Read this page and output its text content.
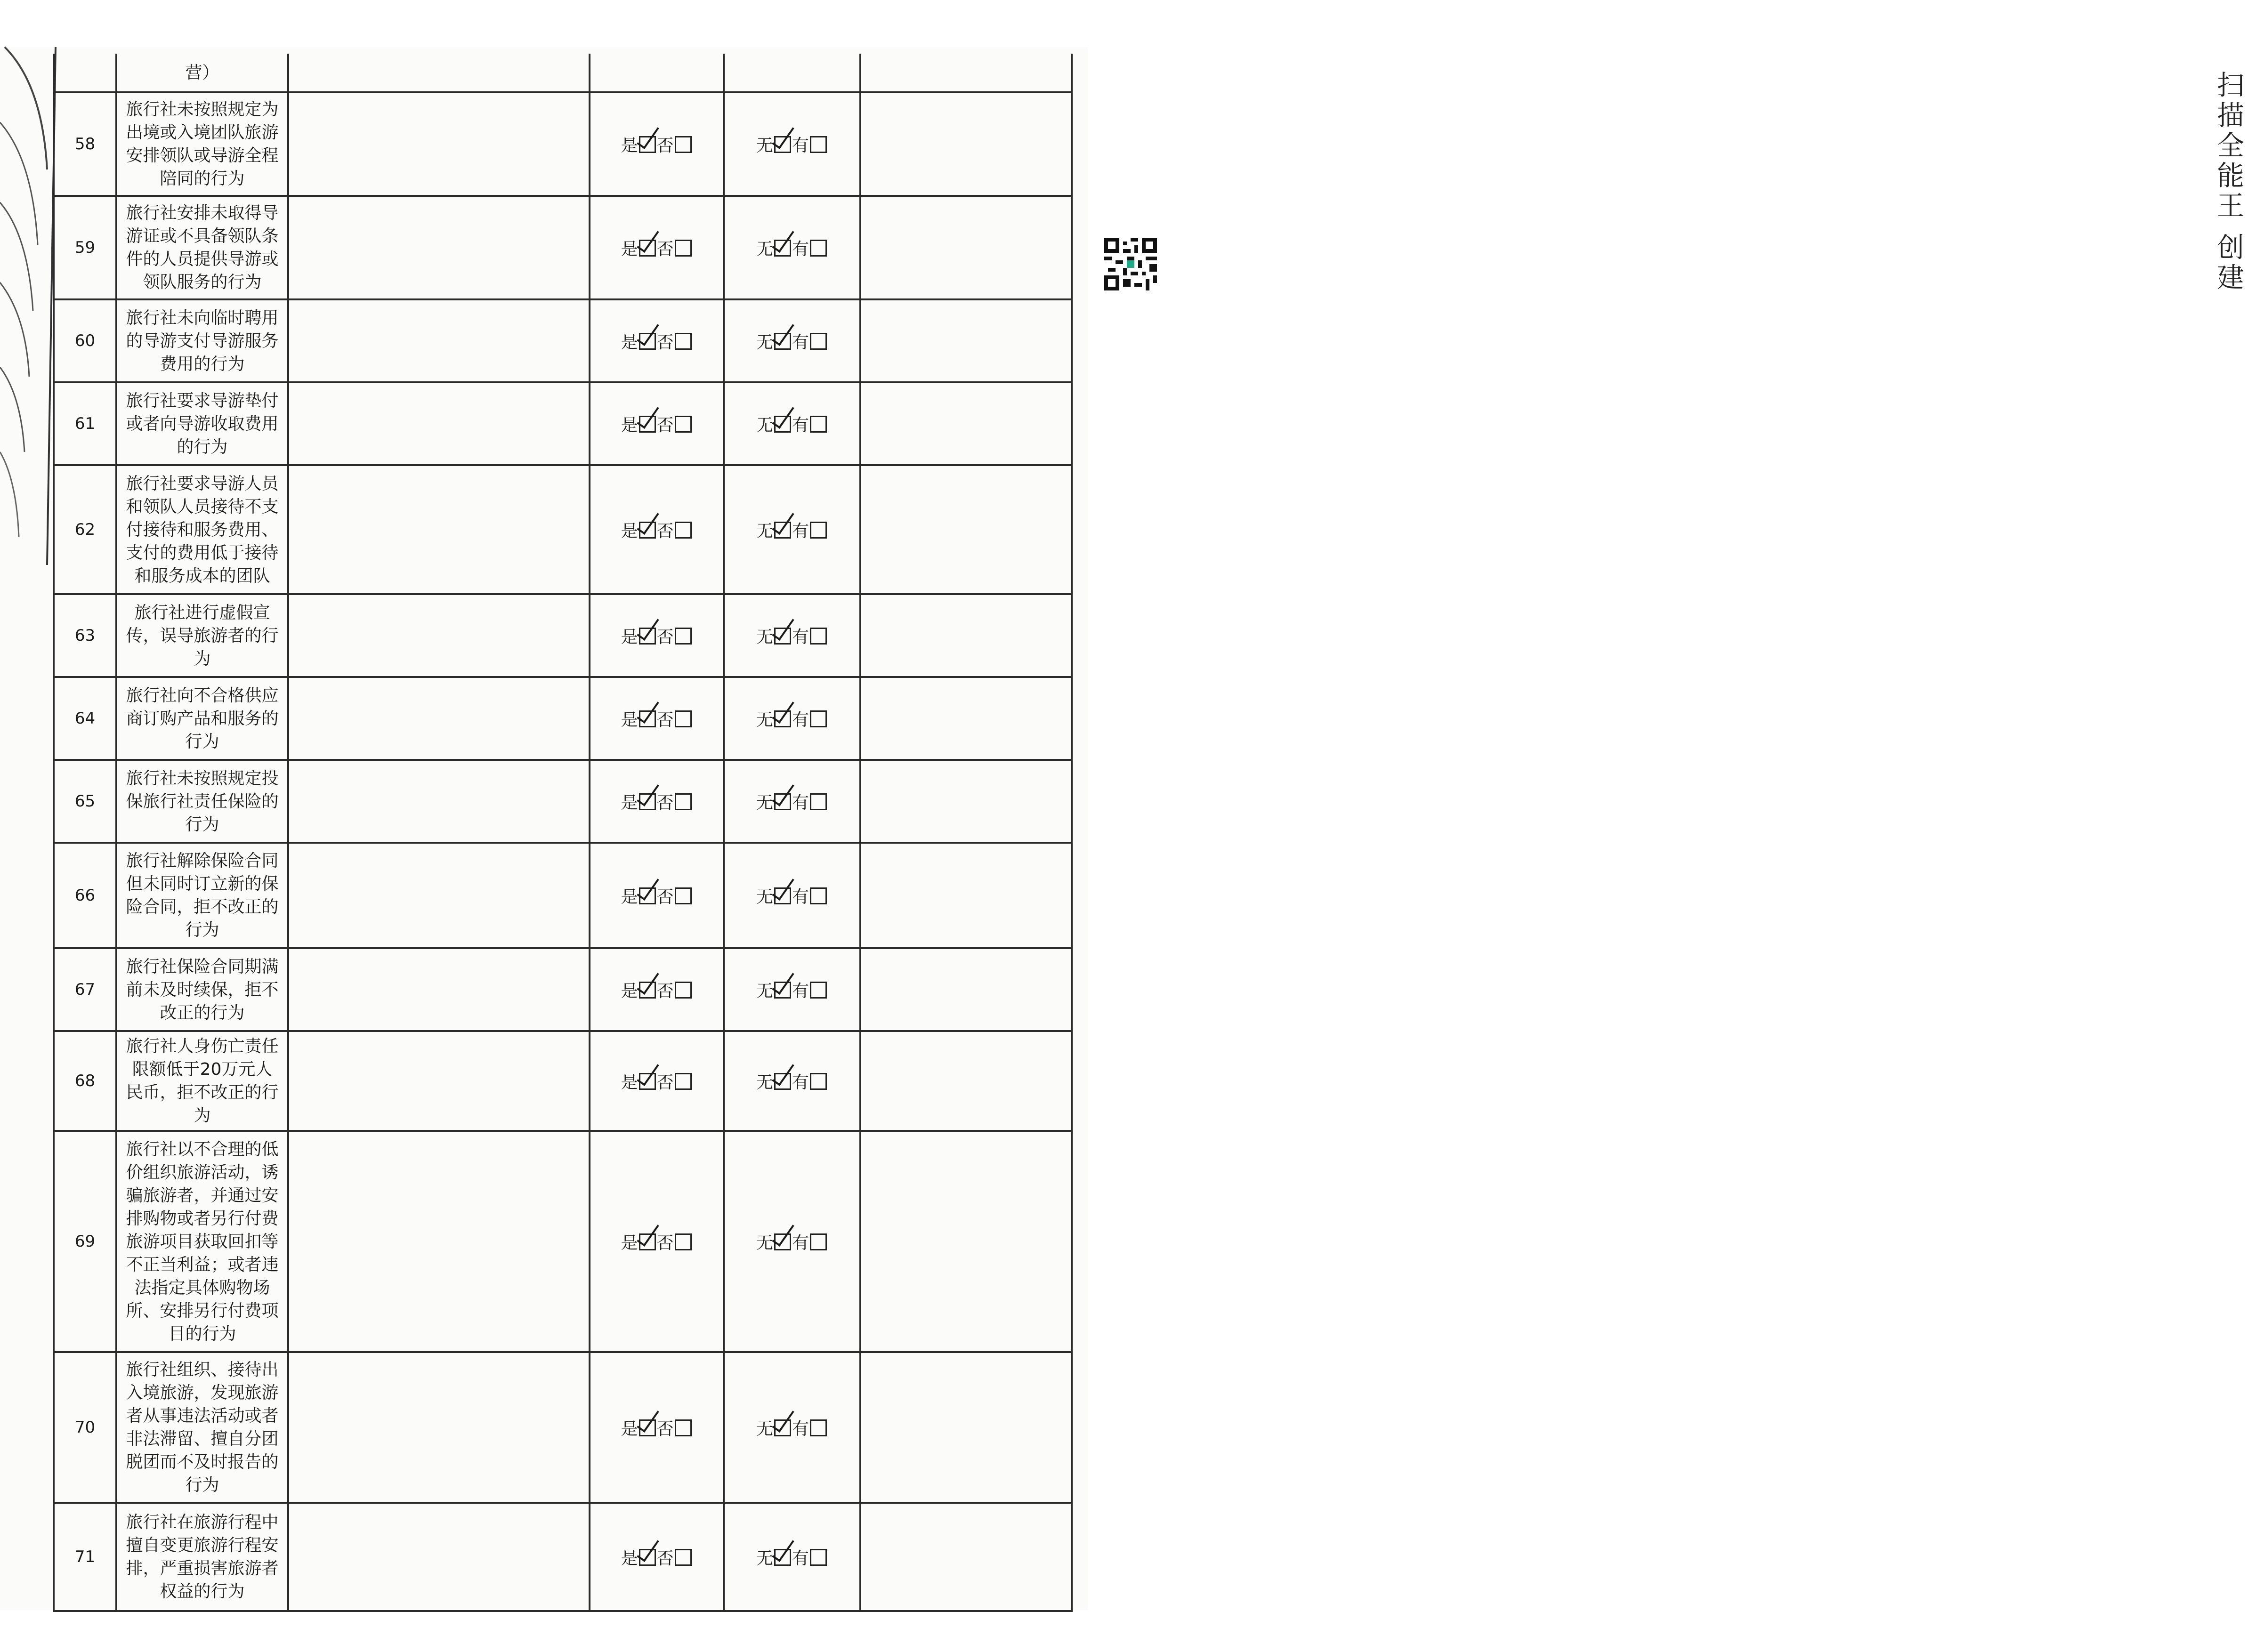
扫描全能王 创建

	营）				

58	旅行社未按照规定为出境或入境团队旅游安排领队或导游全程陪同的行为		是 否	无 有	
59	旅行社安排未取得导游证或不具备领队条件的人员提供导游或领队服务的行为		是 否	无 有	
60	旅行社未向临时聘用的导游支付导游服务费用的行为		是 否	无 有	
61	旅行社要求导游垫付或者向导游收取费用的行为		是 否	无 有	
62	旅行社要求导游人员和领队人员接待不支付接待和服务费用、支付的费用低于接待和服务成本的团队		是 否	无 有	
63	旅行社进行虚假宣传，误导旅游者的行为		是 否	无 有	
64	旅行社向不合格供应商订购产品和服务的行为		是 否	无 有	
65	旅行社未按照规定投保旅行社责任保险的行为		是 否	无 有	
66	旅行社解除保险合同但未同时订立新的保险合同，拒不改正的行为		是 否	无 有	
67	旅行社保险合同期满前未及时续保，拒不改正的行为		是 否	无 有	
68	旅行社人身伤亡责任限额低于20万元人民币，拒不改正的行为		是 否	无 有	
69	旅行社以不合理的低价组织旅游活动，诱骗旅游者，并通过安排购物或者另行付费旅游项目获取回扣等不正当利益；或者违法指定具体购物场所、安排另行付费项目的行为		是 否	无 有	
70	旅行社组织、接待出入境旅游，发现旅游者从事违法活动或者非法滞留、擅自分团脱团而不及时报告的行为		是 否	无 有	
71	旅行社在旅游行程中擅自变更旅游行程安排，严重损害旅游者权益的行为		是 否	无 有	
